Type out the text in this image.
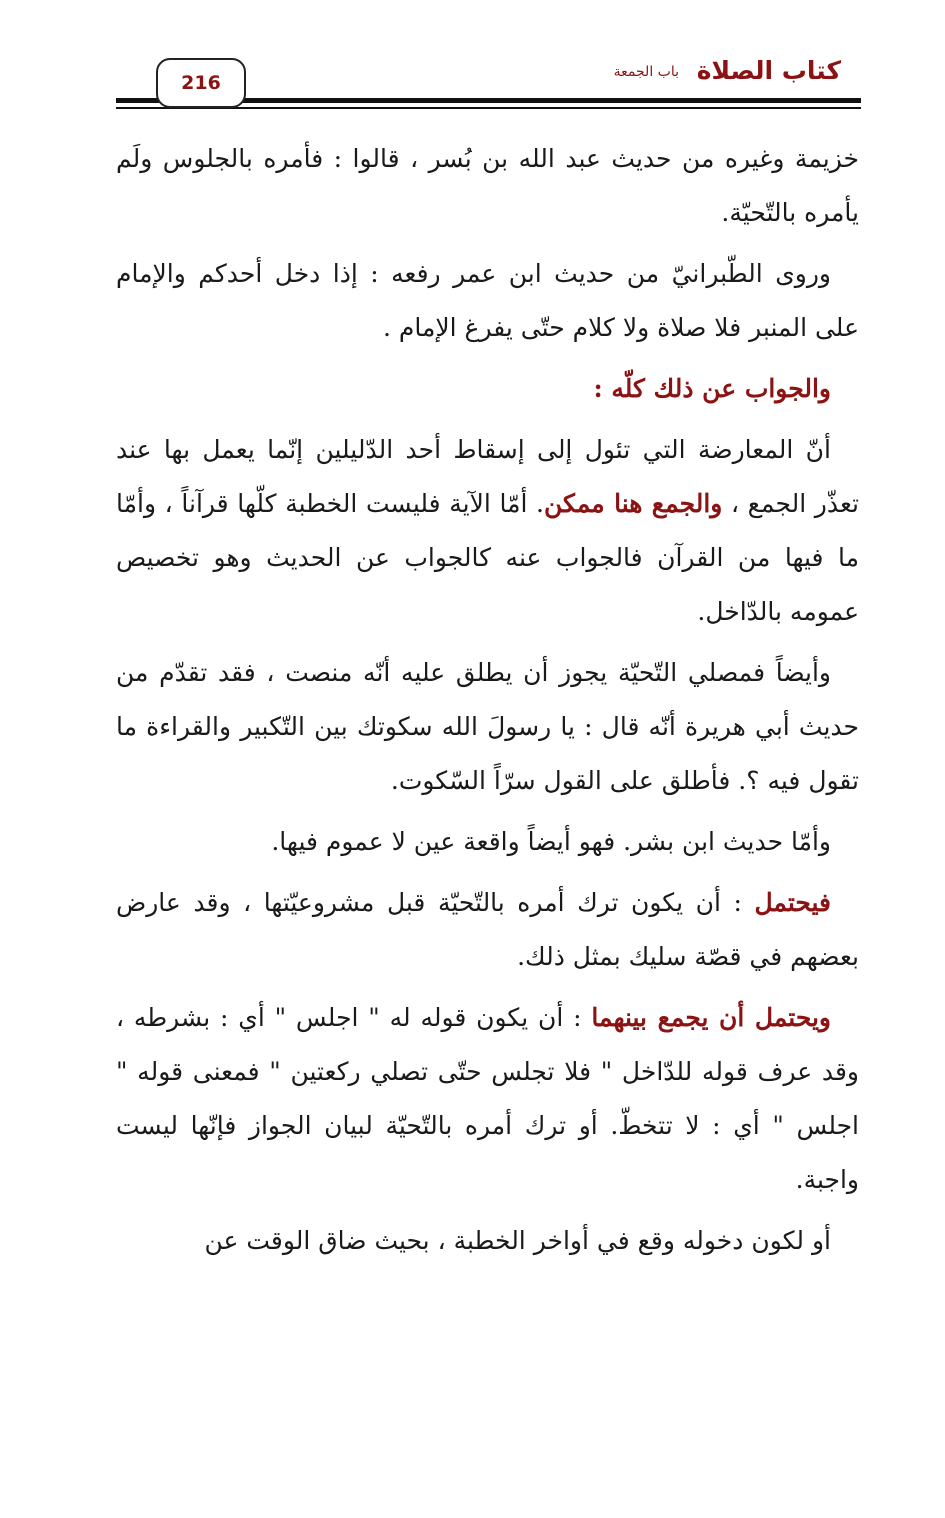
كتاب الصلاة
باب الجمعة
216

خزيمة وغيره من حديث عبد الله بن بُسر ، قالوا : فأمره بالجلوس ولَم يأمره بالتّحيّة.

وروى الطّبرانيّ من حديث ابن عمر رفعه : إذا دخل أحدكم والإمام على المنبر فلا صلاة ولا كلام حتّى يفرغ الإمام .

والجواب عن ذلك كلّه :

أنّ المعارضة التي تئول إلى إسقاط أحد الدّليلين إنّما يعمل بها عند تعذّر الجمع ، والجمع هنا ممكن. أمّا الآية فليست الخطبة كلّها قرآناً ، وأمّا ما فيها من القرآن فالجواب عنه كالجواب عن الحديث وهو تخصيص عمومه بالدّاخل.

وأيضاً فمصلي التّحيّة يجوز أن يطلق عليه أنّه منصت ، فقد تقدّم من حديث أبي هريرة أنّه قال : يا رسولَ الله سكوتك بين التّكبير والقراءة ما تقول فيه ؟. فأطلق على القول سرّاً السّكوت.

وأمّا حديث ابن بشر. فهو أيضاً واقعة عين لا عموم فيها.

فيحتمل : أن يكون ترك أمره بالتّحيّة قبل مشروعيّتها ، وقد عارض بعضهم في قصّة سليك بمثل ذلك.

ويحتمل أن يجمع بينهما : أن يكون قوله له " اجلس " أي : بشرطه ، وقد عرف قوله للدّاخل " فلا تجلس حتّى تصلي ركعتين " فمعنى قوله " اجلس " أي : لا تتخطّ. أو ترك أمره بالتّحيّة لبيان الجواز فإنّها ليست واجبة.

أو لكون دخوله وقع في أواخر الخطبة ، بحيث ضاق الوقت عن
